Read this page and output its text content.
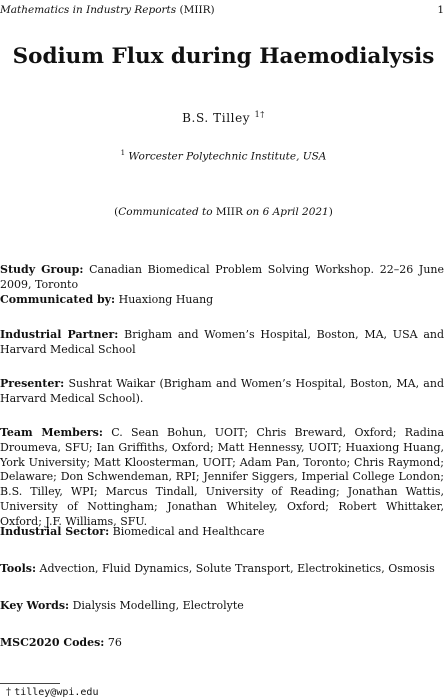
Mathematics in Industry Reports (MIIR)	1
Sodium Flux during Haemodialysis
B.S. Tilley $^{1\dagger}$
$^1$ Worcester Polytechnic Institute, USA
(Communicated to MIIR on 6 April 2021)
Study Group: Canadian Biomedical Problem Solving Workshop. 22–26 June 2009, Toronto
Communicated by: Huaxiong Huang
Industrial Partner: Brigham and Women’s Hospital, Boston, MA, USA and Harvard Medical School
Presenter: Sushrat Waikar (Brigham and Women’s Hospital, Boston, MA, and Harvard Medical School).
Team Members: C. Sean Bohun, UOIT; Chris Breward, Oxford; Radina Droumeva, SFU; Ian Griffiths, Oxford; Matt Hennessy, UOIT; Huaxiong Huang, York University; Matt Kloosterman, UOIT; Adam Pan, Toronto; Chris Raymond; Delaware; Don Schwendeman, RPI; Jennifer Siggers, Imperial College London; B.S. Tilley, WPI; Marcus Tindall, University of Reading; Jonathan Wattis, University of Nottingham; Jonathan Whiteley, Oxford; Robert Whittaker, Oxford; J.F. Williams, SFU.
Industrial Sector: Biomedical and Healthcare
Tools: Advection, Fluid Dynamics, Solute Transport, Electrokinetics, Osmosis
Key Words: Dialysis Modelling, Electrolyte
MSC2020 Codes: 76
† tilley@wpi.edu
